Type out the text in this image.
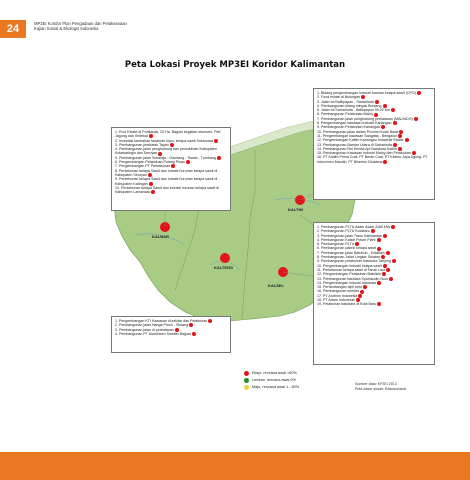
24	MP3EI Koridor Plan Pengadaan dan Pelaksanaan
Kajian Sosial & Ekologis Indonesia
Peta Lokasi Proyek MP3EI Koridor Kalimantan
KALTIM
KALBAR
KALTENG
KALSEL
1. Pool Estate di Pontianak, 20 Ha. Bagian kegiatan ekonomi, Peti. Jagung dan Vedekai
2. Investasi tambahan tanaman kayu, kelapa sawit Sukamara
3. Pembangunan jembatan Tayan
4. Pembangunan jalan penghubung dan pemukiman Kabupaten Kotawaringin dan Seruyan
5. Pembangunan jalan Sukaraja - Gandang - Tewah - Tumbang
6. Pengembangan Pelabuhan Pulang Pisau
7. Pengembangan PT Perkebunan
8. Perkebunan kelapa Sawit dan Industri turunan kelapa sawit di Kabupaten Seruyan
9. Perkebunan kelapa Sawit dan Industri turunan kelapa sawit di Kabupaten Katingan
10. Perkebunan kelapa Sawit dan industri turunan kelapa sawit di Kabupaten Lamandau
1. Bidang pengembangan industri turunan kelapa sawit (CPO)
2. Food estate di Bulungan
3. Jalan tol Balikpapan - Samarinda
4. Pembangunan kilang minyak Bontang
5. Jalan tol Samarinda - Balikpapan 99,02 Km
6. Pembangunan Pelabuhan Maloy
7. Pembangunan jalan penghubung perbatasan (MALINDO)
8. Pengembangan kawasan industri Kariangau
9. Pembangunan Pelabuhan Kariangau
10. Pembangunan jalan dalam Provinsi Kutai Barat
11. Pengembangan kawasan Sangatta - Bengalon
12. Pengembangan Kaltim Kariangau Industrial Estate
13. Pembangunan Bandar Udara di Samarinda
14. Pembangunan Rel Kereta Api Batubara Kaltim
15. Pembangunan Kawasan Industri Maloy dan Pelabuhan
16. PT Kaltim Prima Coal, PT Berau Coal, PT Kideco Jaya Agung, PT Indominco Mandiri, PT Bharinto Ekatama
1. Pembangunan PLTU Asam Asam 2x65 MW
2. Pembangunan PLTU Kotabaru
3. Pembangunan jalan Trans Kalimantan
4. Pembangunan Kalsel Power Plant
5. Pembangunan PLTU
6. Pembangunan pabrik kelapa sawit
7. Pembangunan jalan Batulicin - Kotabaru
8. Pembangunan Jalan Lingkar Selatan
9. Pembangunan pelabuhan batubara Tanjung
10. Pengembangan industri kelapa sawit
11. Perkebunan kelapa sawit di Tanah Laut
12. Pengembangan Pelabuhan Batulicin
13. Pembangunan bandara Syamsudin Noor
14. Pengembangan industri batubara
15. Pertambangan bijih besi
16. Pembangunan smelter
17. PT Arutmin Indonesia
18. PT Adaro Indonesia
19. Pelabuhan batubara di Kota Baru
1. Pengembangan KTI Kawasan di sekitar dan Pelabuhan
2. Pembangunan jalan Nanga Pinoh - Sintang
3. Pembangunan jalan di perbatasan
4. Pembangunan PT Aluminium Smelter Bagian
Ekspl. rencana awal >80%
Lembar, rencana awal 0%
Maju, rencana awal 1 - 80%
Sumber data: KP3EI 2013
Peta dasar sudah: Bakosurtanal
